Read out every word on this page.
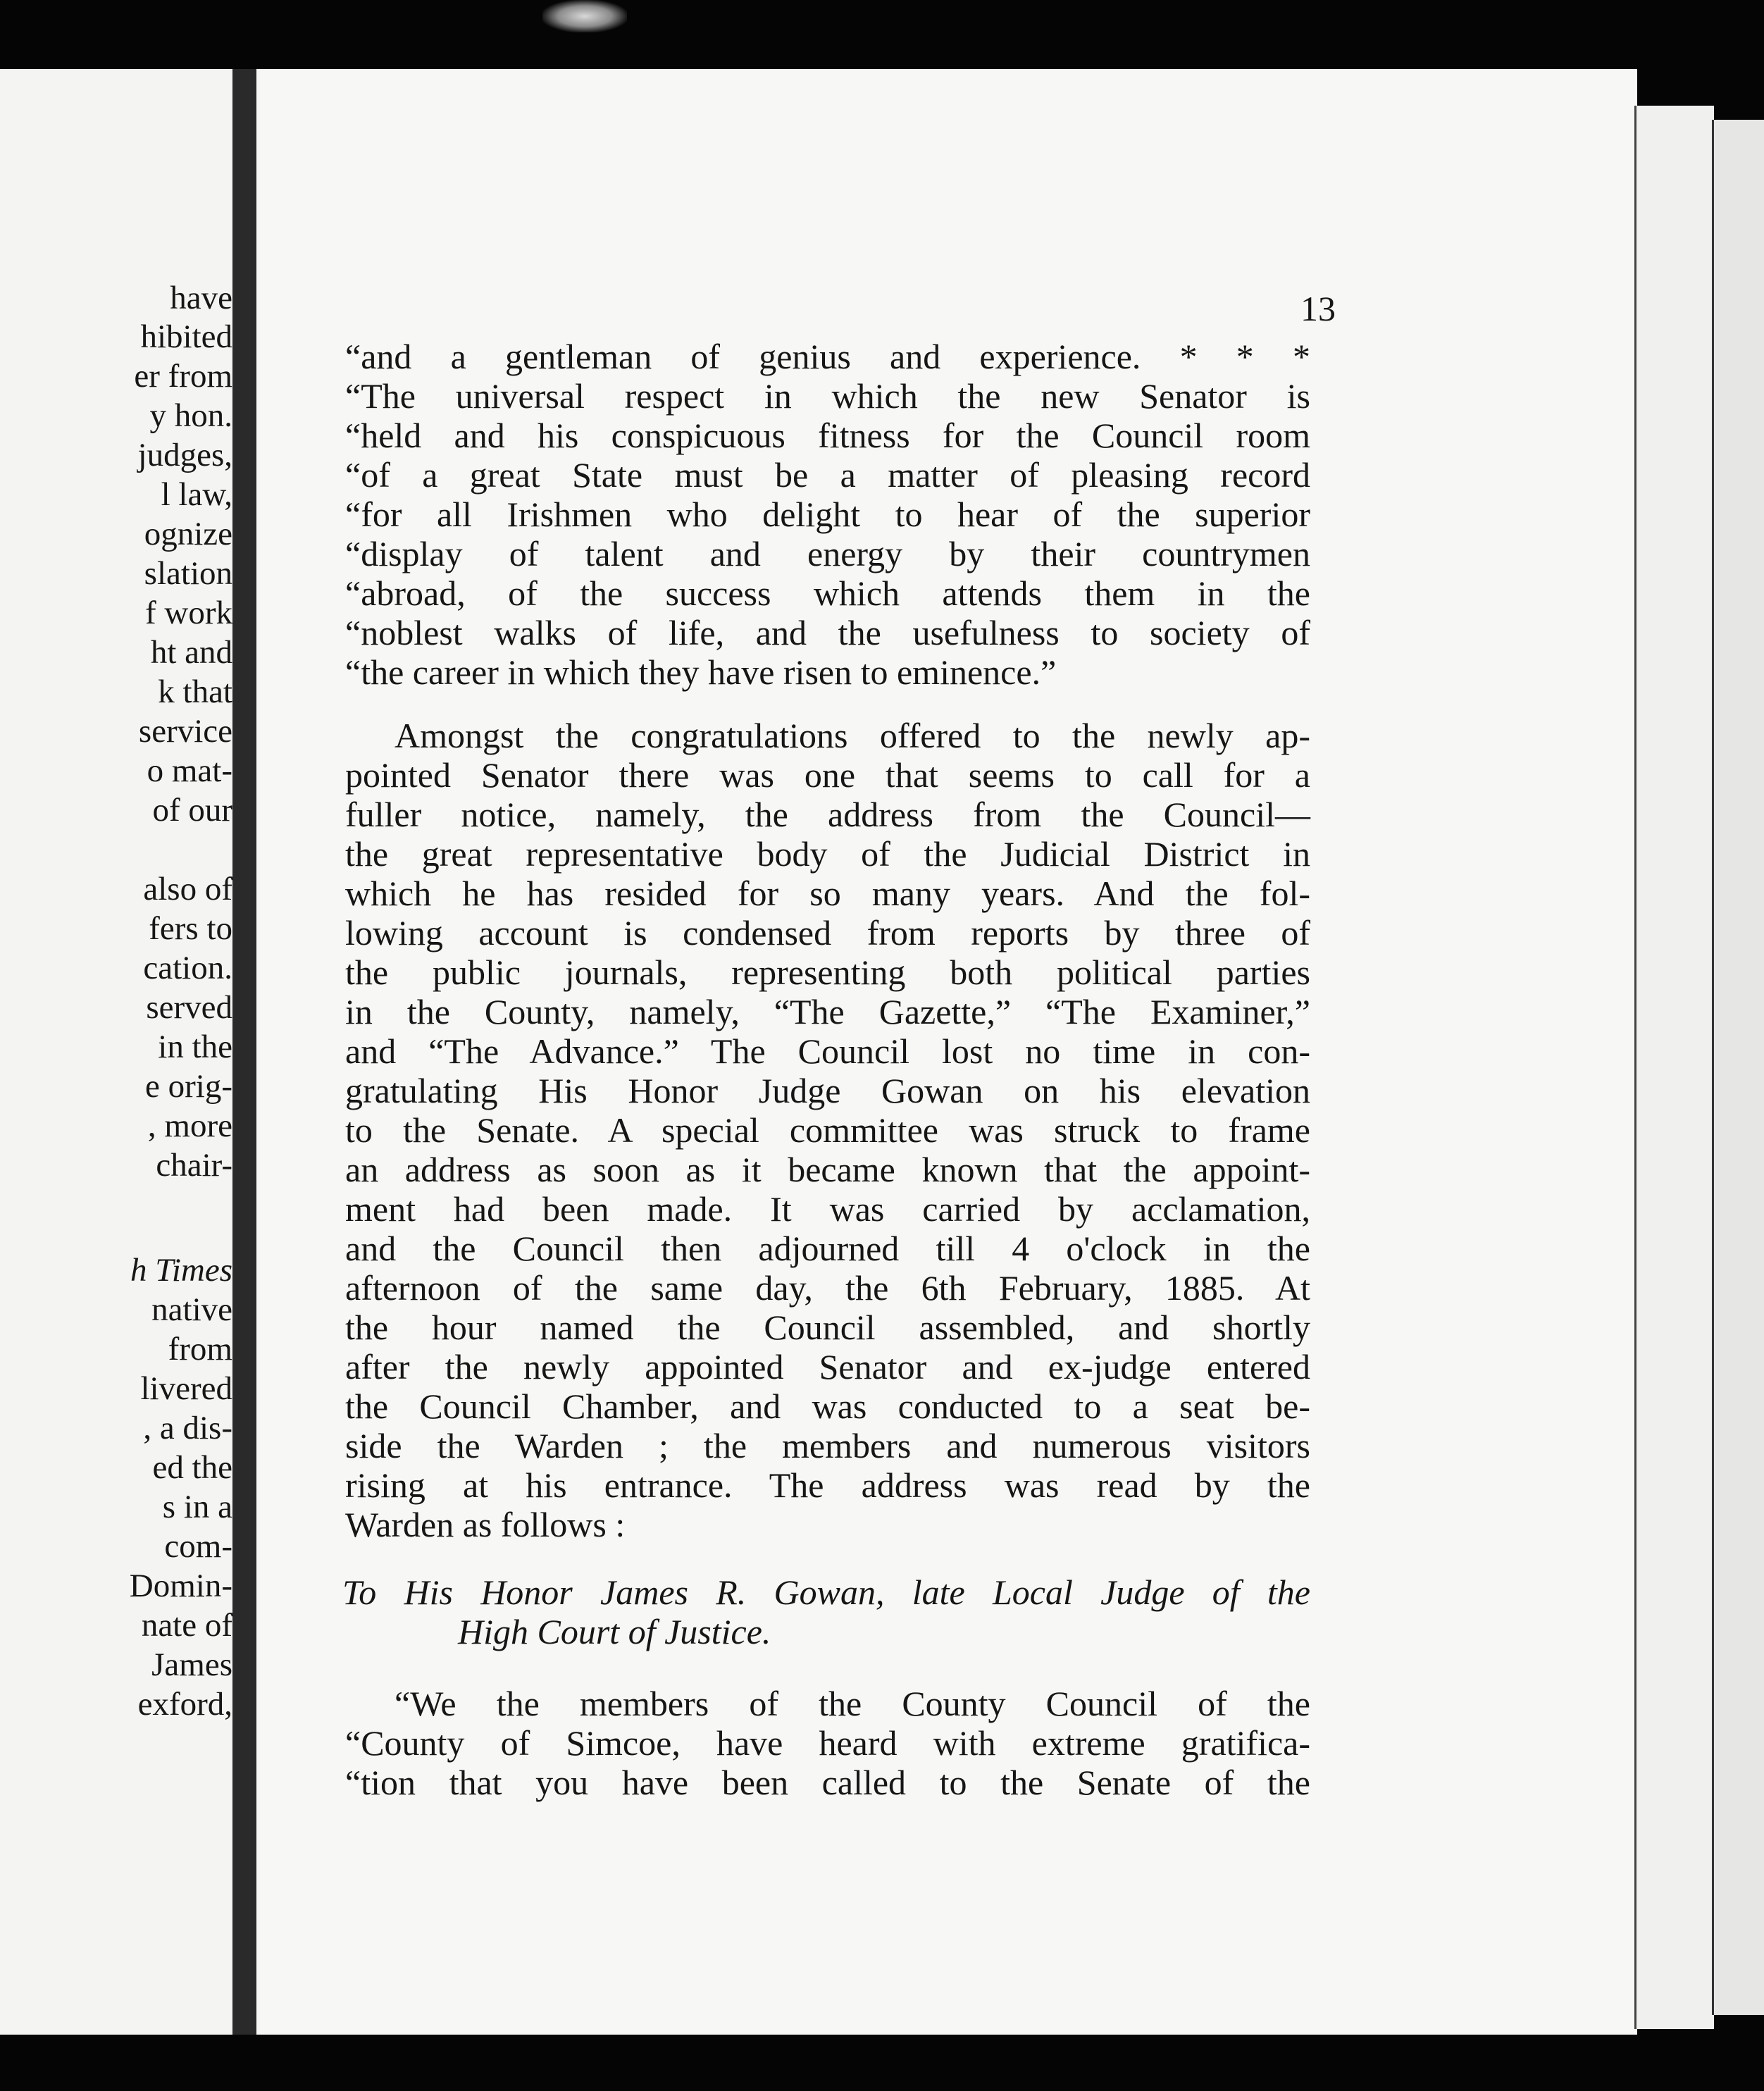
have
hibited
er from
y hon.
judges,
l law,
ognize
slation
f work
ht and
k that
service
o mat-
of our
also of
fers to
cation.
served
in the
e orig-
, more
chair-
h Times
native
from
livered
, a dis-
ed the
s in a
com-
Domin-
nate of
James
exford,
13
“and a gentleman of genius and experience. * * *
“The universal respect in which the new Senator is
“held and his conspicuous fitness for the Council room
“of a great State must be a matter of pleasing record
“for all Irishmen who delight to hear of the superior
“display of talent and energy by their countrymen
“abroad, of the success which attends them in the
“noblest walks of life, and the usefulness to society of
“the career in which they have risen to eminence.”
Amongst the congratulations offered to the newly ap-
pointed Senator there was one that seems to call for a
fuller notice, namely, the address from the Council—
the great representative body of the Judicial District in
which he has resided for so many years. And the fol-
lowing account is condensed from reports by three of
the public journals, representing both political parties
in the County, namely, “The Gazette,” “The Examiner,”
and “The Advance.” The Council lost no time in con-
gratulating His Honor Judge Gowan on his elevation
to the Senate. A special committee was struck to frame
an address as soon as it became known that the appoint-
ment had been made. It was carried by acclamation,
and the Council then adjourned till 4 o'clock in the
afternoon of the same day, the 6th February, 1885. At
the hour named the Council assembled, and shortly
after the newly appointed Senator and ex-judge entered
the Council Chamber, and was conducted to a seat be-
side the Warden ; the members and numerous visitors
rising at his entrance. The address was read by the
Warden as follows :
To His Honor James R. Gowan, late Local Judge of the
High Court of Justice.
“We the members of the County Council of the
“County of Simcoe, have heard with extreme gratifica-
“tion that you have been called to the Senate of the
